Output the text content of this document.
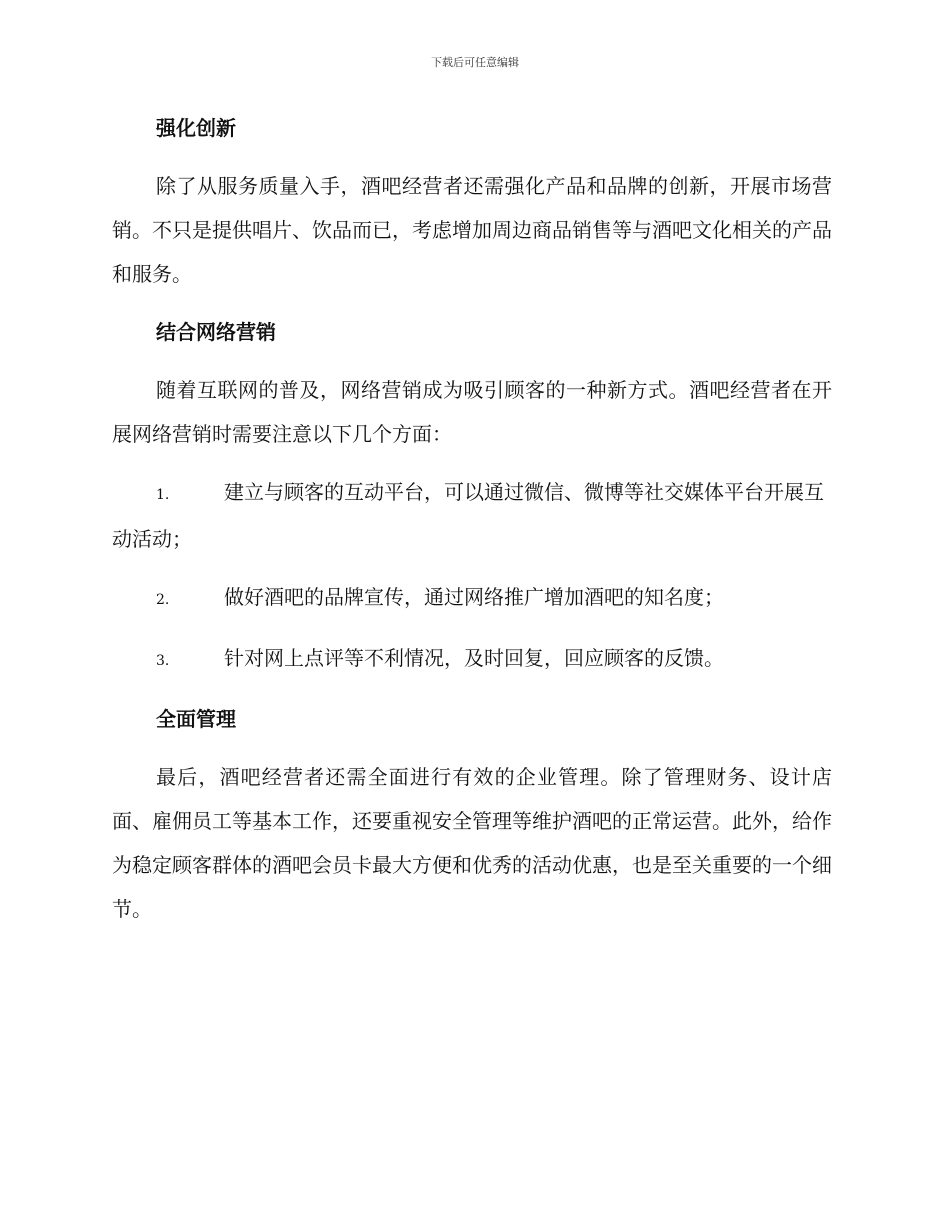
下载后可任意编辑
强化创新

除了从服务质量入手，酒吧经营者还需强化产品和品牌的创新，开展市场营销。不只是提供唱片、饮品而已，考虑增加周边商品销售等与酒吧文化相关的产品和服务。

结合网络营销

随着互联网的普及，网络营销成为吸引顾客的一种新方式。酒吧经营者在开展网络营销时需要注意以下几个方面：

1.	建立与顾客的互动平台，可以通过微信、微博等社交媒体平台开展互动活动；

2.	做好酒吧的品牌宣传，通过网络推广增加酒吧的知名度；

3.	针对网上点评等不利情况，及时回复，回应顾客的反馈。

全面管理

最后，酒吧经营者还需全面进行有效的企业管理。除了管理财务、设计店面、雇佣员工等基本工作，还要重视安全管理等维护酒吧的正常运营。此外，给作为稳定顾客群体的酒吧会员卡最大方便和优秀的活动优惠，也是至关重要的一个细节。
